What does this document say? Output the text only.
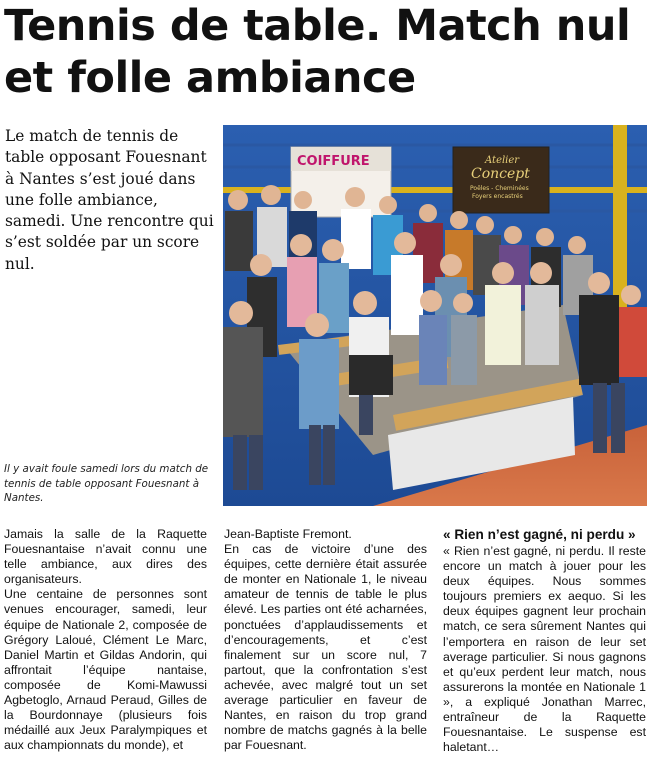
Tennis de table. Match nul et folle ambiance

Le match de tennis de table opposant Fouesnant à Nantes s’est joué dans une folle ambiance, samedi. Une rencontre qui s’est soldée par un score nul.

Il y avait foule samedi lors du match de tennis de table opposant Fouesnant à Nantes.

COIFFURE	Atelier
Concept
Poêles - Cheminées
Foyers encastrés

Jamais la salle de la Raquette Fouesnantaise n’avait connu une telle ambiance, aux dires des organisateurs.

Une centaine de personnes sont venues encourager, samedi, leur équipe de Nationale 2, composée de Grégory Laloué, Clément Le Marc, Daniel Martin et Gildas Andorin, qui affrontait l’équipe nantaise, composée de Komi-Mawussi Agbetoglo, Arnaud Peraud, Gilles de la Bourdonnaye (plusieurs fois médaillé aux Jeux Paralympiques et aux championnats du monde), et

Jean-Baptiste Fremont.

En cas de victoire d’une des équipes, cette dernière était assurée de monter en Nationale 1, le niveau amateur de tennis de table le plus élevé. Les parties ont été acharnées, ponctuées d’applaudissements et d’encouragements, et c’est finalement sur un score nul, 7 partout, que la confrontation s’est achevée, avec malgré tout un set average particulier en faveur de Nantes, en raison du trop grand nombre de matchs gagnés à la belle par Fouesnant.

« Rien n’est gagné, ni perdu »

« Rien n’est gagné, ni perdu. Il reste encore un match à jouer pour les deux équipes. Nous sommes toujours premiers ex aequo. Si les deux équipes gagnent leur prochain match, ce sera sûrement Nantes qui l’emportera en raison de leur set average particulier. Si nous gagnons et qu’eux perdent leur match, nous assurerons la montée en Nationale 1 », a expliqué Jonathan Marrec, entraîneur de la Raquette Fouesnantaise. Le suspense est haletant…
